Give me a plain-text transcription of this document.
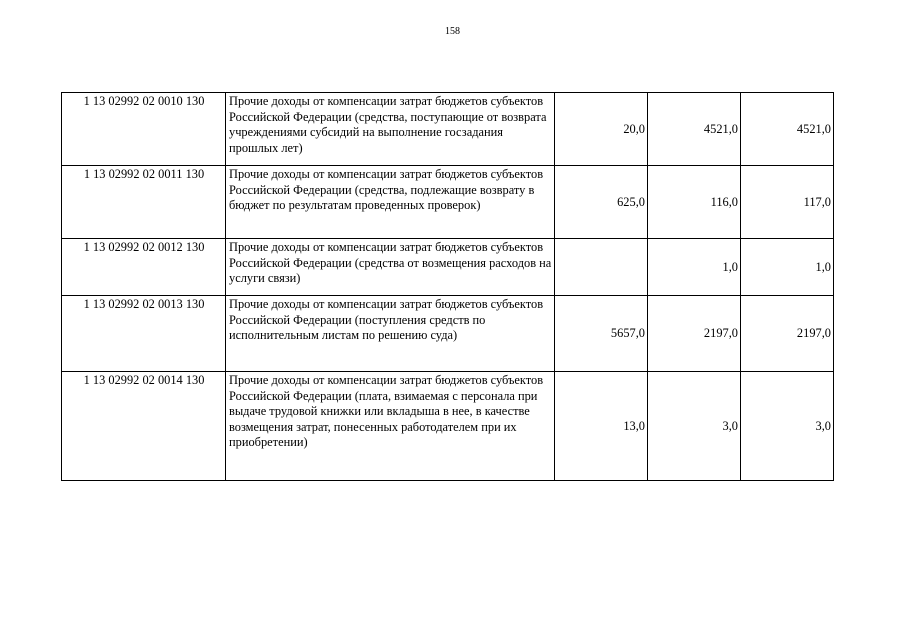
158
1 13 02992 02 0010 130	Прочие доходы от компенсации затрат бюджетов субъектов Российской Федерации (средства, поступающие от возврата учреждениями субсидий на выполнение госзадания прошлых лет)	20,0	4521,0	4521,0
1 13 02992 02 0011 130	Прочие доходы от компенсации затрат бюджетов субъектов Российской Федерации (средства, подлежащие возврату в бюджет по результатам проведенных проверок)	625,0	116,0	117,0
1 13 02992 02 0012 130	Прочие доходы от компенсации затрат бюджетов субъектов Российской Федерации (средства от возмещения расходов на услуги связи)		1,0	1,0
1 13 02992 02 0013 130	Прочие доходы от компенсации затрат бюджетов субъектов Российской Федерации (поступления средств по исполнительным листам по решению суда)	5657,0	2197,0	2197,0
1 13 02992 02 0014 130	Прочие доходы от компенсации затрат бюджетов субъектов Российской Федерации (плата, взимаемая с персонала при выдаче трудовой книжки или вкладыша в нее, в качестве возмещения затрат, понесенных работодателем при их приобретении)	13,0	3,0	3,0
